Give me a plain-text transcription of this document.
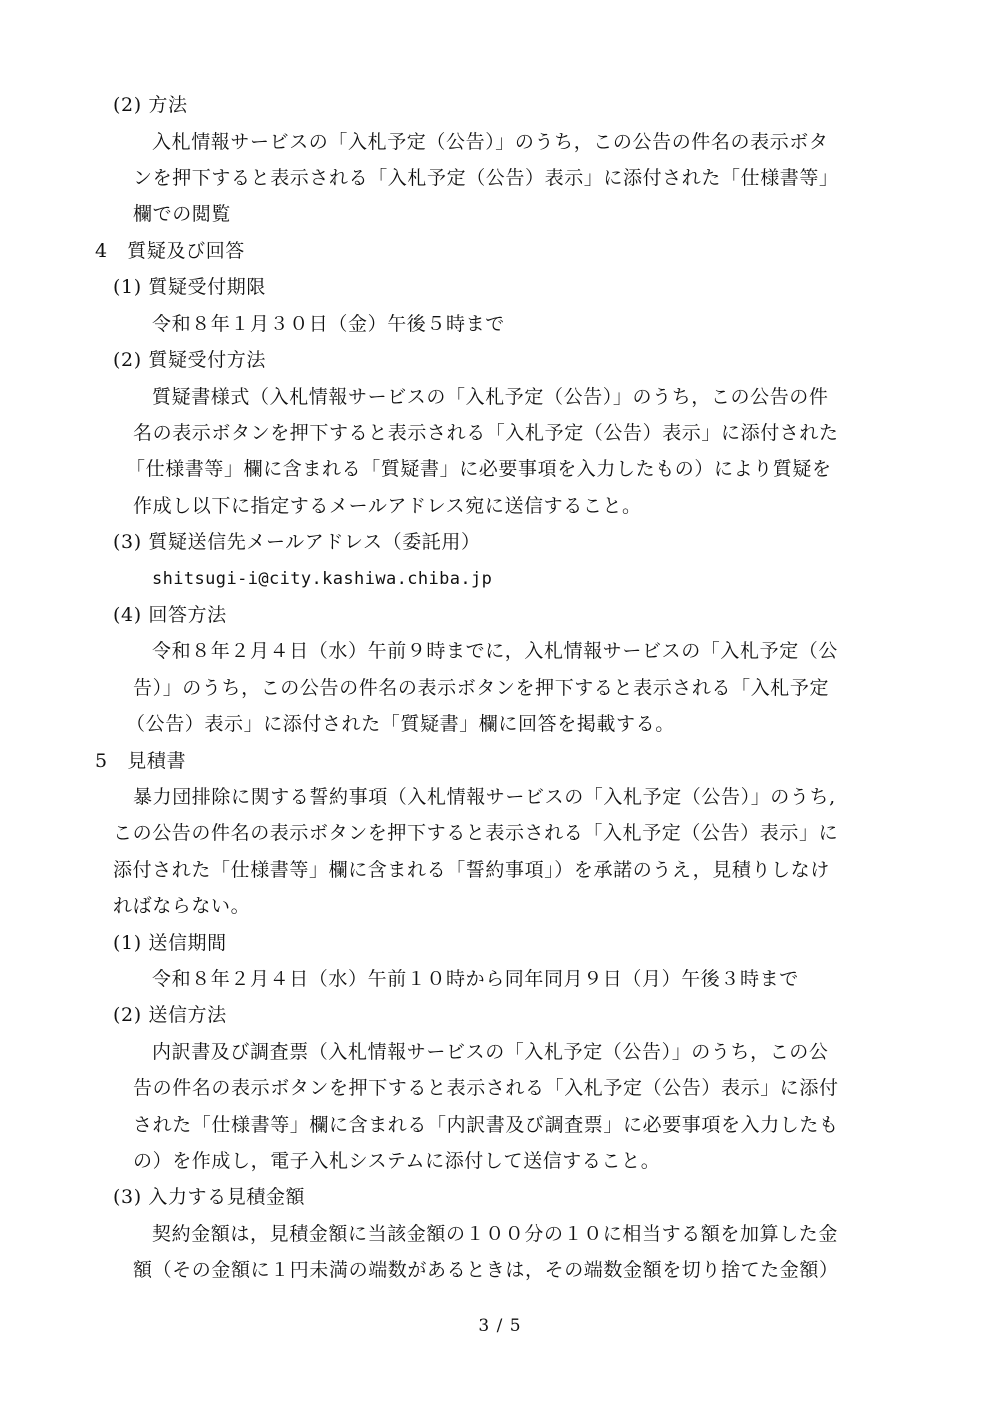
(2) 方法
入札情報サービスの「入札予定（公告）」のうち，この公告の件名の表示ボタ
ンを押下すると表示される「入札予定（公告）表示」に添付された「仕様書等」
欄での閲覧
4　質疑及び回答
(1) 質疑受付期限
令和８年１月３０日（金）午後５時まで
(2) 質疑受付方法
質疑書様式（入札情報サービスの「入札予定（公告）」のうち，この公告の件
名の表示ボタンを押下すると表示される「入札予定（公告）表示」に添付された
「仕様書等」欄に含まれる「質疑書」に必要事項を入力したもの）により質疑を
作成し以下に指定するメールアドレス宛に送信すること。
(3) 質疑送信先メールアドレス（委託用）
shitsugi-i@city.kashiwa.chiba.jp
(4) 回答方法
令和８年２月４日（水）午前９時までに，入札情報サービスの「入札予定（公
告）」のうち，この公告の件名の表示ボタンを押下すると表示される「入札予定
（公告）表示」に添付された「質疑書」欄に回答を掲載する。
5　見積書
暴力団排除に関する誓約事項（入札情報サービスの「入札予定（公告）」のうち,
この公告の件名の表示ボタンを押下すると表示される「入札予定（公告）表示」に
添付された「仕様書等」欄に含まれる「誓約事項」）を承諾のうえ，見積りしなけ
ればならない。
(1) 送信期間
令和８年２月４日（水）午前１０時から同年同月９日（月）午後３時まで
(2) 送信方法
内訳書及び調査票（入札情報サービスの「入札予定（公告）」のうち，この公
告の件名の表示ボタンを押下すると表示される「入札予定（公告）表示」に添付
された「仕様書等」欄に含まれる「内訳書及び調査票」に必要事項を入力したも
の）を作成し，電子入札システムに添付して送信すること。
(3) 入力する見積金額
契約金額は，見積金額に当該金額の１００分の１０に相当する額を加算した金
額（その金額に１円未満の端数があるときは，その端数金額を切り捨てた金額）
3 / 5
